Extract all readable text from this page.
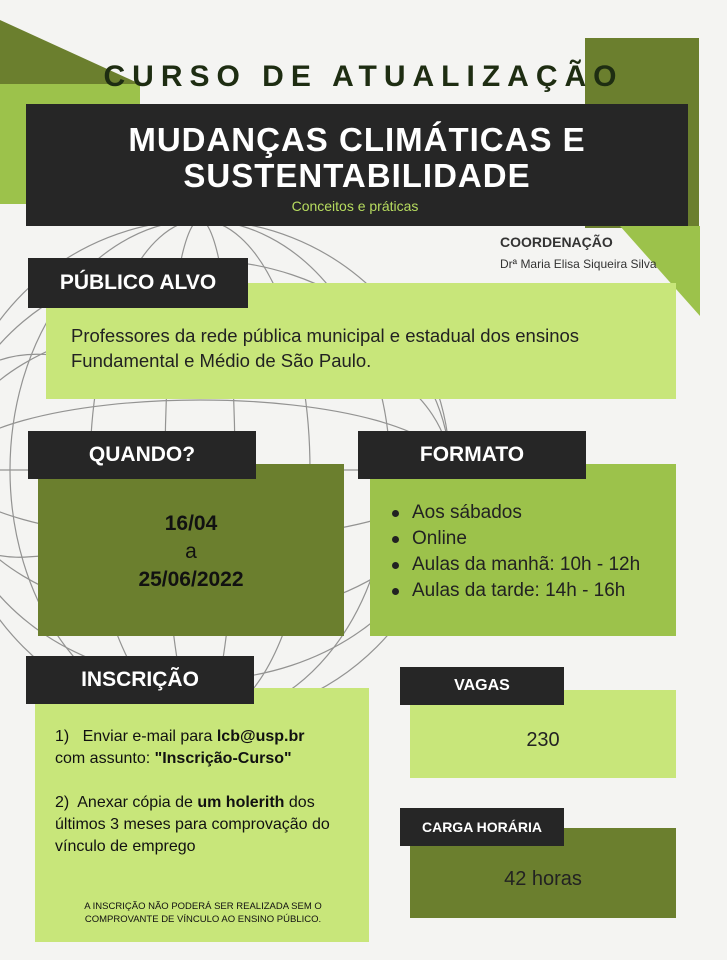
CURSO DE ATUALIZAÇÃO
MUDANÇAS CLIMÁTICAS E
SUSTENTABILIDADE
Conceitos e práticas
COORDENAÇÃO
Drª Maria Elisa Siqueira Silva

Professores da rede pública municipal e estadual dos ensinos Fundamental e Médio de São Paulo.

PÚBLICO ALVO
16/04
a
25/06/2022
QUANDO?
Aos sábados
Online
Aulas da manhã: 10h - 12h
Aulas da tarde: 14h - 16h
FORMATO
1) Enviar e-mail para lcb@usp.br
com assunto: "Inscrição-Curso"
2) Anexar cópia de um holerith dos últimos 3 meses para comprovação do vínculo de emprego
A INSCRIÇÃO NÃO PODERÁ SER REALIZADA SEM O COMPROVANTE DE VÍNCULO AO ENSINO PÚBLICO.
INSCRIÇÃO
230
VAGAS
42 horas
CARGA HORÁRIA
